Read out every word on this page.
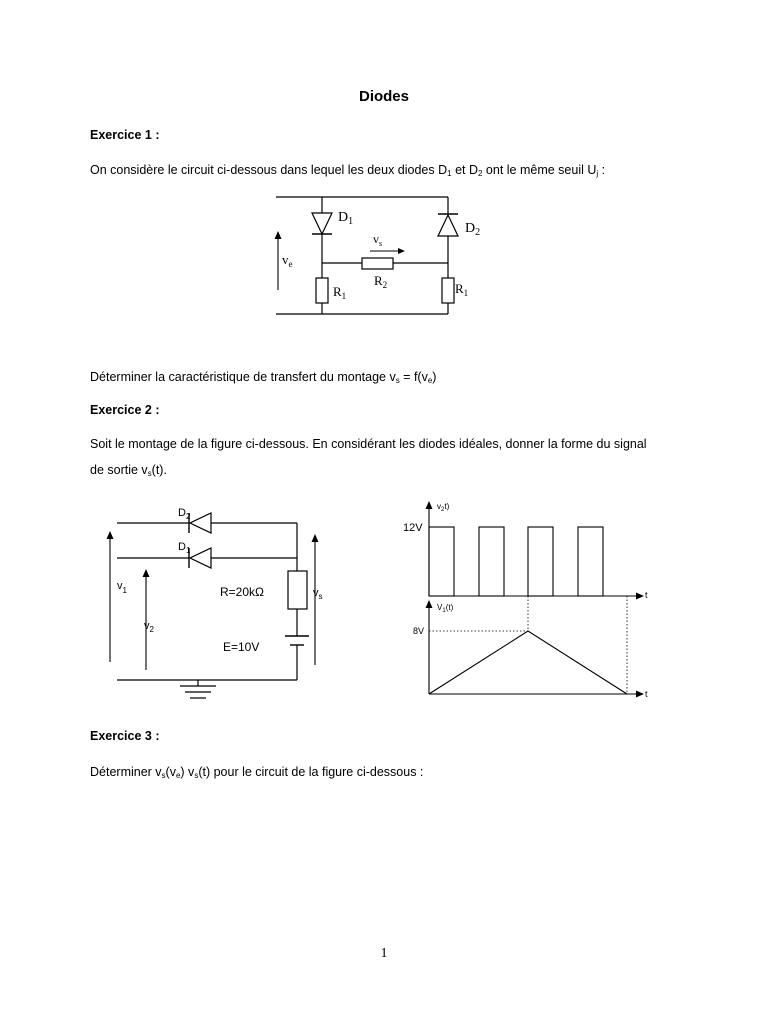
Diodes
Exercice 1 :
On considère le circuit ci-dessous dans lequel les deux diodes $D_1$ et $D_2$ ont le même seuil $U_j$ :
$D_1$	$D_2$
$v_e$
$v_s$
$R_2$
$R_1$	$R_1$
Déterminer la caractéristique de transfert du montage $v_s = f(v_e)$
Exercice 2 :
Soit le montage de la figure ci-dessous. En considérant les diodes idéales, donner la forme du signal
de sortie $v_s(t)$.
$D_2$
$D_1$
$v_1$
$v_2$
R=20kΩ
E=10V
$v_s$
$v_2t$)
12V
t
$V_1(t)$
8V
t
Exercice 3 :
Déterminer $v_s(v_e)$ $v_s(t)$ pour le circuit de la figure ci-dessous :
1
